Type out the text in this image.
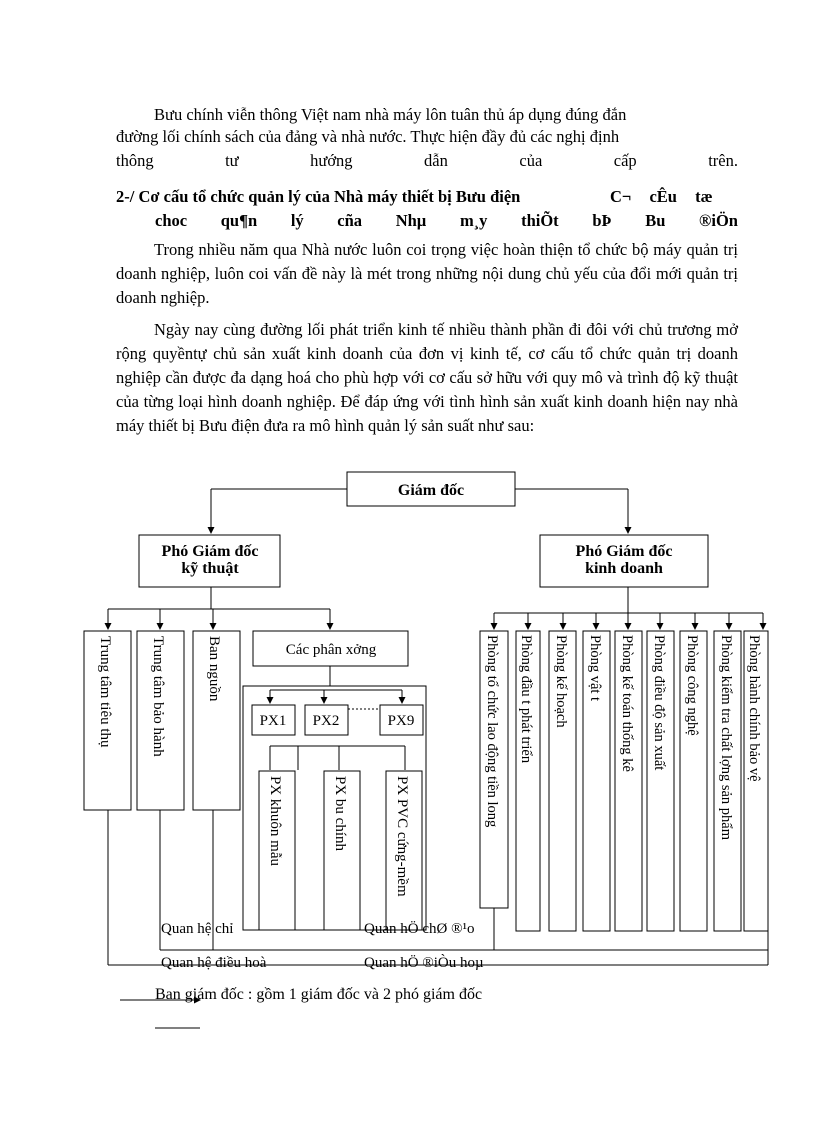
Bưu chính viễn thông Việt nam nhà máy lôn tuân thủ áp dụng đúng đắn
đường lối chính sách của đảng và nhà nước. Thực hiện đầy đủ các nghị định
thông	tư	hướng	dẫn	của	cấp	trên.
2-/ Cơ cấu tổ chức quản lý của Nhà máy thiết bị Bưu điện	C¬ cÊu tæ
choc qu¶n lý cña Nhµ m¸y thiÕt bÞ Bu ®iÖn
Trong nhiều năm qua Nhà nước luôn coi trọng việc hoàn thiện tổ chức bộ máy quản trị doanh nghiệp, luôn coi vấn đề này là mét trong những nội dung chủ yếu của đổi mới quản trị doanh nghiệp.
Ngày nay cùng đường lối phát triển kinh tế nhiều thành phần đi đôi với chủ trương mở rộng quyềntự chủ sản xuất kinh doanh của đơn vị kinh tế, cơ cấu tổ chức quản trị doanh nghiệp cần được đa dạng hoá cho phù hợp với cơ cấu sở hữu với quy mô và trình độ kỹ thuật của từng loại hình doanh nghiệp. Để đáp ứng với tình hình sản xuất kinh doanh hiện nay nhà máy thiết bị Bưu điện đưa ra mô hình quản lý sản suất như sau:
Giám đốc
Phó Giám đốc
kỹ thuật
Phó Giám đốc
kinh doanh
Các phân xởng
PX1 PX2	PX9
Trung tâm tiêu thụ Trung tâm bảo hành	Ban nguồn
PX khuôn mẫu	PX bu chính	PX PVC cứng-mềm
Phòng tổ chức lao động tiền long Phòng đầu t phát triển Phòng kế hoạch Phòng vật t Phòng kế toán thống kê Phòng điều độ sản xuất Phòng công nghệ Phòng kiểm tra chất lợng sản phẩm Phòng hành chính bảo vệ
Quan hệ chỉ	Quan hÖ chØ ®¹o
Quan hệ điều hoà	Quan hÖ ®iÒu hoµ
Ban giám đốc : gồm 1 giám đốc và 2 phó giám đốc
